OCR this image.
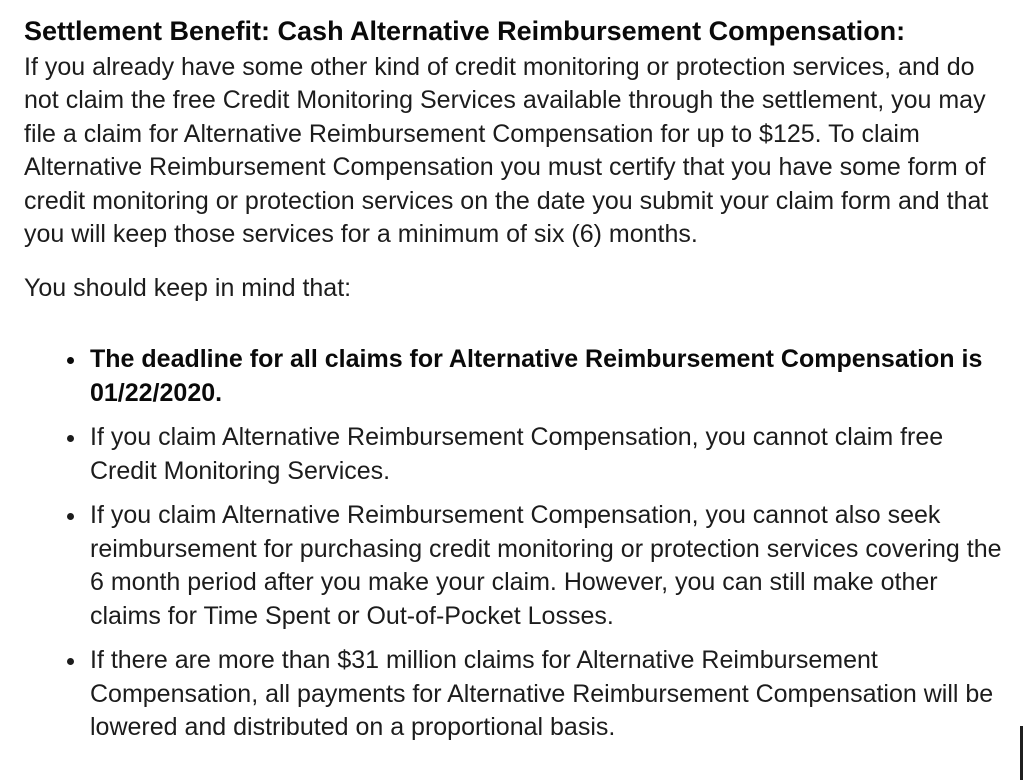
Settlement Benefit: Cash Alternative Reimbursement Compensation:
If you already have some other kind of credit monitoring or protection services, and do not claim the free Credit Monitoring Services available through the settlement, you may file a claim for Alternative Reimbursement Compensation for up to $125. To claim Alternative Reimbursement Compensation you must certify that you have some form of credit monitoring or protection services on the date you submit your claim form and that you will keep those services for a minimum of six (6) months.

You should keep in mind that:

• The deadline for all claims for Alternative Reimbursement Compensation is 01/22/2020.
• If you claim Alternative Reimbursement Compensation, you cannot claim free Credit Monitoring Services.
• If you claim Alternative Reimbursement Compensation, you cannot also seek reimbursement for purchasing credit monitoring or protection services covering the 6 month period after you make your claim. However, you can still make other claims for Time Spent or Out-of-Pocket Losses.
• If there are more than $31 million claims for Alternative Reimbursement Compensation, all payments for Alternative Reimbursement Compensation will be lowered and distributed on a proportional basis.
